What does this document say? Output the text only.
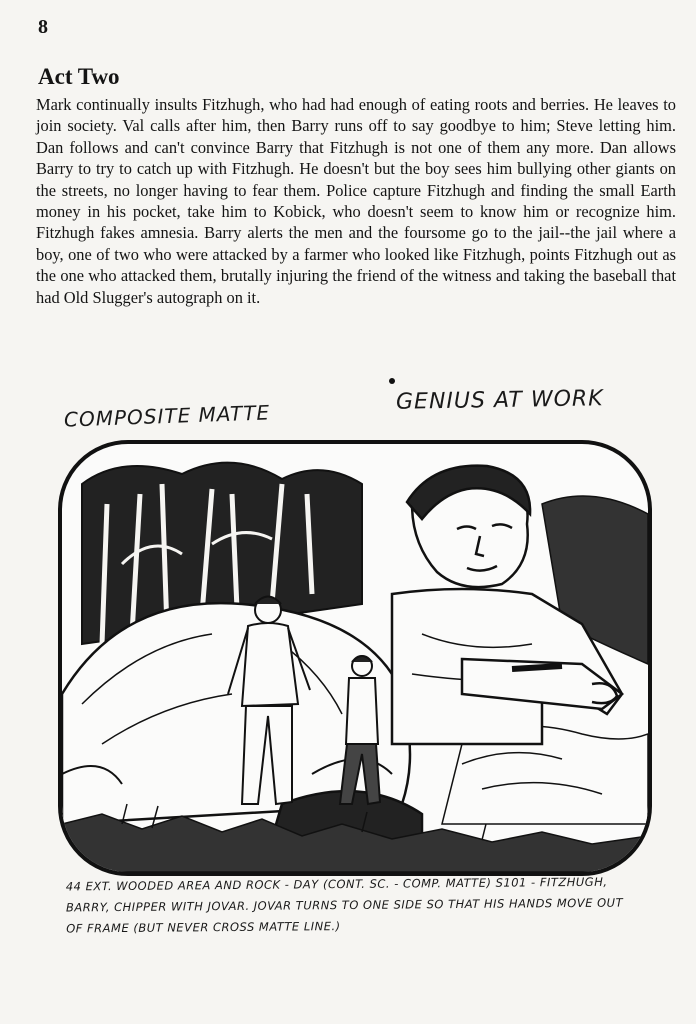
8
Act Two

Mark continually insults Fitzhugh, who had had enough of eating roots and berries. He leaves to join society. Val calls after him, then Barry runs off to say goodbye to him; Steve letting him. Dan follows and can't convince Barry that Fitzhugh is not one of them any more. Dan allows Barry to try to catch up with Fitzhugh. He doesn't but the boy sees him bullying other giants on the streets, no longer having to fear them. Police capture Fitzhugh and finding the small Earth money in his pocket, take him to Kobick, who doesn't seem to know him or recognize him. Fitzhugh fakes amnesia. Barry alerts the men and the foursome go to the jail--the jail where a boy, one of two who were attacked by a farmer who looked like Fitzhugh, points Fitzhugh out as the one who attacked them, brutally injuring the friend of the witness and taking the baseball that had Old Slugger's autograph on it.

COMPOSITE MATTE	GENIUS AT WORK

44 EXT. WOODED AREA AND ROCK - DAY (CONT. SC. - COMP. MATTE) S101 - FITZHUGH, BARRY, CHIPPER WITH JOVAR. JOVAR TURNS TO ONE SIDE SO THAT HIS HANDS MOVE OUT OF FRAME (BUT NEVER CROSS MATTE LINE.)
